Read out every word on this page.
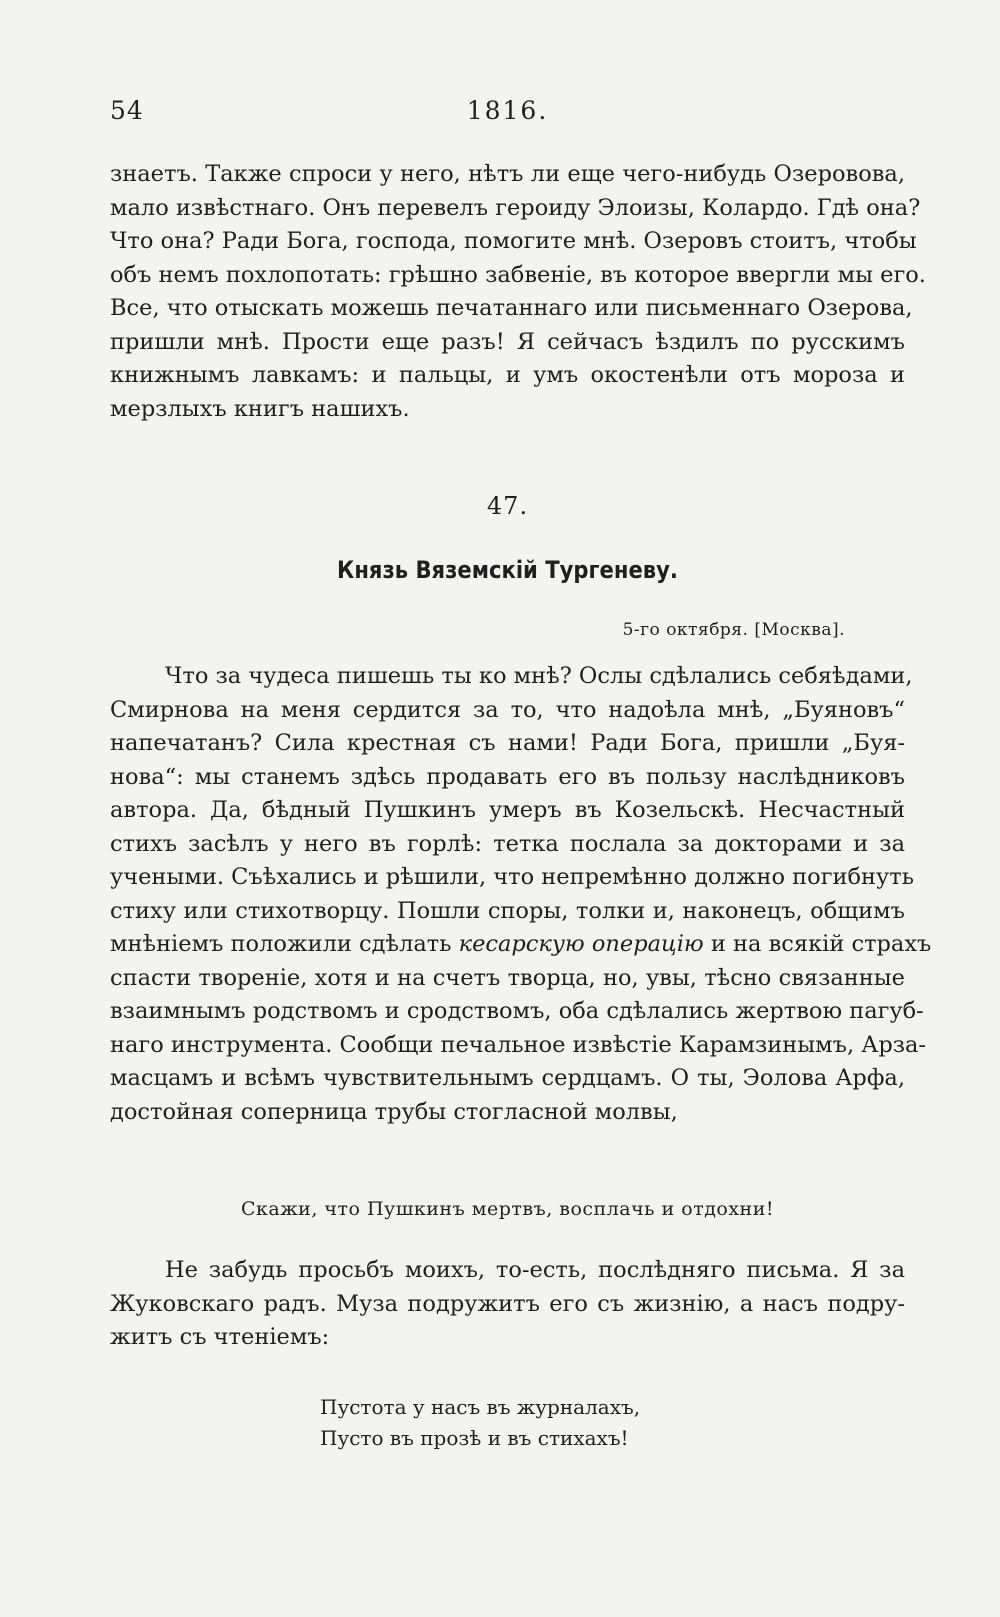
54	1816.
знаетъ. Также спроси у него, нѣтъ ли еще чего-нибудь Озеровова,
мало извѣстнаго. Онъ перевелъ героиду Элоизы, Колардо. Гдѣ она?
Что она? Ради Бога, господа, помогите мнѣ. Озеровъ стоитъ, чтобы
объ немъ похлопотать: грѣшно забвеніе, въ которое ввергли мы его.
Все, что отыскать можешь печатаннаго или письменнаго Озерова,
пришли мнѣ. Прости еще разъ! Я сейчасъ ѣздилъ по русскимъ
книжнымъ лавкамъ: и пальцы, и умъ окостенѣли отъ мороза и
мерзлыхъ книгъ нашихъ.
47.
Князь Вяземскій Тургеневу.
5-го октября. [Москва].
Что за чудеса пишешь ты ко мнѣ? Ослы сдѣлались себяѣдами,
Смирнова на меня сердится за то, что надоѣла мнѣ, „Буяновъ“
напечатанъ? Сила крестная съ нами! Ради Бога, пришли „Буя-
нова“: мы станемъ здѣсь продавать его въ пользу наслѣдниковъ
автора. Да, бѣдный Пушкинъ умеръ въ Козельскѣ. Несчастный
стихъ засѣлъ у него въ горлѣ: тетка послала за докторами и за
учеными. Съѣхались и рѣшили, что непремѣнно должно погибнуть
стиху или стихотворцу. Пошли споры, толки и, наконецъ, общимъ
мнѣніемъ положили сдѣлать кесарскую операцію и на всякій страхъ
спасти твореніе, хотя и на счетъ творца, но, увы, тѣсно связанные
взаимнымъ родствомъ и сродствомъ, оба сдѣлались жертвою пагуб-
наго инструмента. Сообщи печальное извѣстіе Карамзинымъ, Арза-
масцамъ и всѣмъ чувствительнымъ сердцамъ. О ты, Эолова Арфа,
достойная соперница трубы стогласной молвы,
Скажи, что Пушкинъ мертвъ, восплачь и отдохни!
Не забудь просьбъ моихъ, то-есть, послѣдняго письма. Я за
Жуковскаго радъ. Муза подружитъ его съ жизнію, а насъ подру-
житъ съ чтеніемъ:
Пустота у насъ въ журналахъ,
Пусто въ прозѣ и въ стихахъ!
